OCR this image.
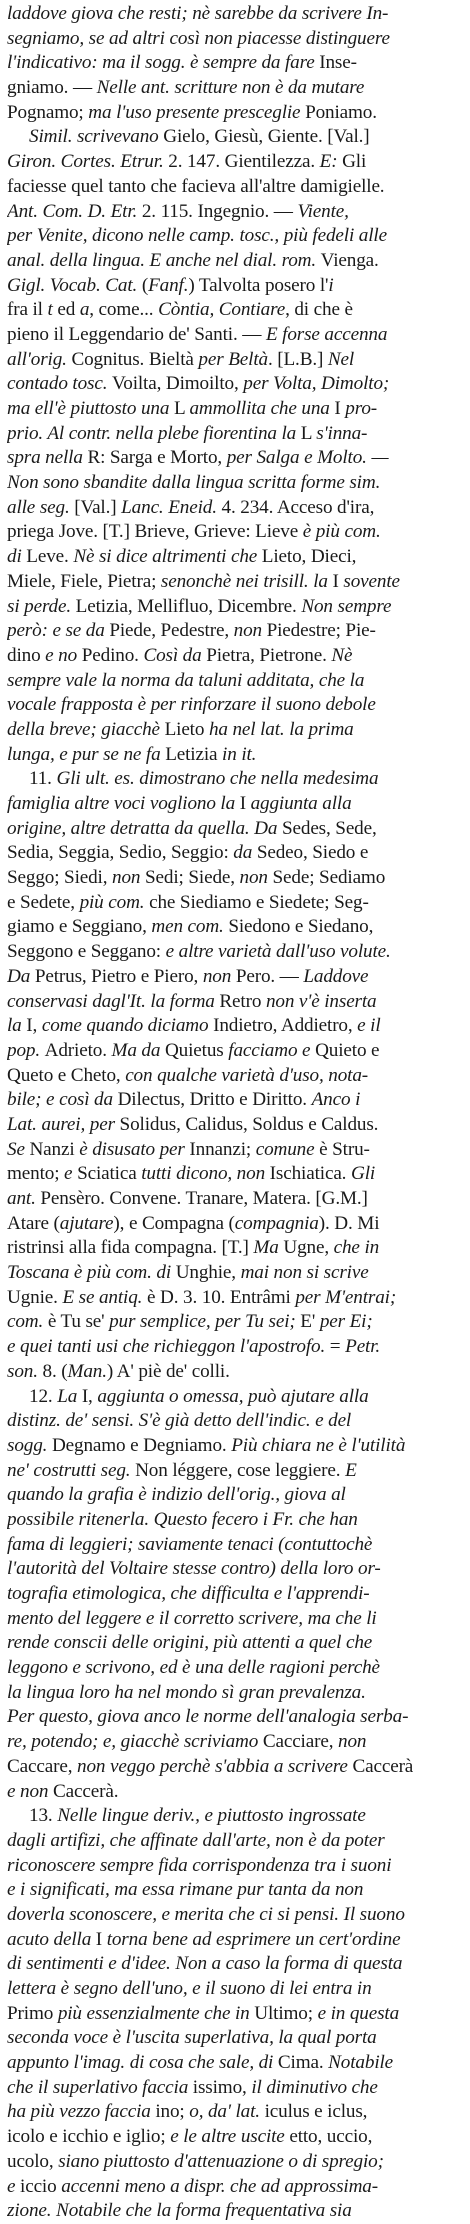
laddove giova che resti; nè sarebbe da scrivere In-
segniamo, se ad altri così non piacesse distinguere
l'indicativo: ma il sogg. è sempre da fare Inse-
gniamo. — Nelle ant. scritture non è da mutare
Pognamo; ma l'uso presente presceglie Poniamo.
Simil. scrivevano Gielo, Giesù, Giente. [Val.]
Giron. Cortes. Etrur. 2. 147. Gientilezza. E: Gli
faciesse quel tanto che facieva all'altre damigielle.
Ant. Com. D. Etr. 2. 115. Ingegnio. — Viente,
per Venite, dicono nelle camp. tosc., più fedeli alle
anal. della lingua. E anche nel dial. rom. Vienga.
Gigl. Vocab. Cat. (Fanf.) Talvolta posero l'i
fra il t ed a, come... Còntia, Contiare, di che è
pieno il Leggendario de' Santi. — E forse accenna
all'orig. Cognitus. Bieltà per Beltà. [L.B.] Nel
contado tosc. Voilta, Dimoilto, per Volta, Dimolto;
ma ell'è piuttosto una L ammollita che una I pro-
prio. Al contr. nella plebe fiorentina la L s'inna-
spra nella R: Sarga e Morto, per Salga e Molto. —
Non sono sbandite dalla lingua scritta forme sim.
alle seg. [Val.] Lanc. Eneid. 4. 234. Acceso d'ira,
priega Jove. [T.] Brieve, Grieve: Lieve è più com.
di Leve. Nè si dice altrimenti che Lieto, Dieci,
Miele, Fiele, Pietra; senonchè nei trisill. la I sovente
si perde. Letizia, Mellifluo, Dicembre. Non sempre
però: e se da Piede, Pedestre, non Piedestre; Pie-
dino e no Pedino. Così da Pietra, Pietrone. Nè
sempre vale la norma da taluni additata, che la
vocale frapposta è per rinforzare il suono debole
della breve; giacchè Lieto ha nel lat. la prima
lunga, e pur se ne fa Letizia in it.
11. Gli ult. es. dimostrano che nella medesima
famiglia altre voci vogliono la I aggiunta alla
origine, altre detratta da quella. Da Sedes, Sede,
Sedia, Seggia, Sedio, Seggio: da Sedeo, Siedo e
Seggo; Siedi, non Sedi; Siede, non Sede; Sediamo
e Sedete, più com. che Siediamo e Siedete; Seg-
giamo e Seggiano, men com. Siedono e Siedano,
Seggono e Seggano: e altre varietà dall'uso volute.
Da Petrus, Pietro e Piero, non Pero. — Laddove
conservasi dagl'It. la forma Retro non v'è inserta
la I, come quando diciamo Indietro, Addietro, e il
pop. Adrieto. Ma da Quietus facciamo e Quieto e
Queto e Cheto, con qualche varietà d'uso, nota-
bile; e così da Dilectus, Dritto e Diritto. Anco i
Lat. aurei, per Solidus, Calidus, Soldus e Caldus.
Se Nanzi è disusato per Innanzi; comune è Stru-
mento; e Sciatica tutti dicono, non Ischiatica. Gli
ant. Pensèro. Convene. Tranare, Matera. [G.M.]
Atare (ajutare), e Compagna (compagnia). D. Mi
ristrinsi alla fida compagna. [T.] Ma Ugne, che in
Toscana è più com. di Unghie, mai non si scrive
Ugnie. E se antiq. è D. 3. 10. Entrâmi per M'entrai;
com. è Tu se' pur semplice, per Tu sei; E' per Ei;
e quei tanti usi che richieggon l'apostrofo. = Petr.
son. 8. (Man.) A' piè de' colli.
12. La I, aggiunta o omessa, può ajutare alla
distinz. de' sensi. S'è già detto dell'indic. e del
sogg. Degnamo e Degniamo. Più chiara ne è l'utilità
ne' costrutti seg. Non léggere, cose leggiere. E
quando la grafia è indizio dell'orig., giova al
possibile ritenerla. Questo fecero i Fr. che han
fama di leggieri; saviamente tenaci (contuttochè
l'autorità del Voltaire stesse contro) della loro or-
tografia etimologica, che difficulta e l'apprendi-
mento del leggere e il corretto scrivere, ma che li
rende conscii delle origini, più attenti a quel che
leggono e scrivono, ed è una delle ragioni perchè
la lingua loro ha nel mondo sì gran prevalenza.
Per questo, giova anco le norme dell'analogia serba-
re, potendo; e, giacchè scriviamo Cacciare, non
Caccare, non veggo perchè s'abbia a scrivere Caccerà
e non Caccerà.
13. Nelle lingue deriv., e piuttosto ingrossate
dagli artifizi, che affinate dall'arte, non è da poter
riconoscere sempre fida corrispondenza tra i suoni
e i significati, ma essa rimane pur tanta da non
doverla sconoscere, e merita che ci si pensi. Il suono
acuto della I torna bene ad esprimere un cert'ordine
di sentimenti e d'idee. Non a caso la forma di questa
lettera è segno dell'uno, e il suono di lei entra in
Primo più essenzialmente che in Ultimo; e in questa
seconda voce è l'uscita superlativa, la qual porta
appunto l'imag. di cosa che sale, di Cima. Notabile
che il superlativo faccia issimo, il diminutivo che
ha più vezzo faccia ino; o, da' lat. iculus e iclus,
icolo e icchio e iglio; e le altre uscite etto, uccio,
ucolo, siano piuttosto d'attenuazione o di spregio;
e iccio accenni meno a dispr. che ad approssima-
zione. Notabile che la forma frequentativa sia
